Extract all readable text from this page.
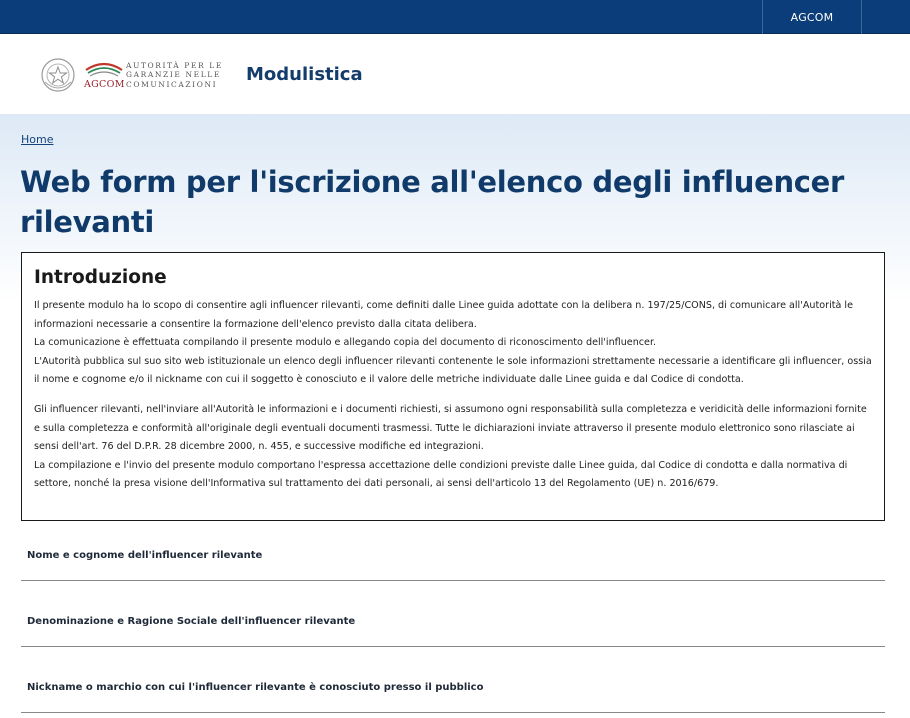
AGCOM
AGCOM
AUTORITÀ PER LE
GARANZIE NELLE
COMUNICAZIONI	Modulistica
Home
Web form per l'iscrizione all'elenco degli influencer rilevanti
Introduzione

Il presente modulo ha lo scopo di consentire agli influencer rilevanti, come definiti dalle Linee guida adottate con la delibera n. 197/25/CONS, di comunicare all'Autorità le informazioni necessarie a consentire la formazione dell'elenco previsto dalla citata delibera.

La comunicazione è effettuata compilando il presente modulo e allegando copia del documento di riconoscimento dell'influencer.

L'Autorità pubblica sul suo sito web istituzionale un elenco degli influencer rilevanti contenente le sole informazioni strettamente necessarie a identificare gli influencer, ossia il nome e cognome e/o il nickname con cui il soggetto è conosciuto e il valore delle metriche individuate dalle Linee guida e dal Codice di condotta.

Gli influencer rilevanti, nell'inviare all'Autorità le informazioni e i documenti richiesti, si assumono ogni responsabilità sulla completezza e veridicità delle informazioni fornite e sulla completezza e conformità all'originale degli eventuali documenti trasmessi. Tutte le dichiarazioni inviate attraverso il presente modulo elettronico sono rilasciate ai sensi dell'art. 76 del D.P.R. 28 dicembre 2000, n. 455, e successive modifiche ed integrazioni.

La compilazione e l'invio del presente modulo comportano l'espressa accettazione delle condizioni previste dalle Linee guida, dal Codice di condotta e dalla normativa di settore, nonché la presa visione dell'Informativa sul trattamento dei dati personali, ai sensi dell'articolo 13 del Regolamento (UE) n. 2016/679.

Nome e cognome dell'influencer rilevante
Denominazione e Ragione Sociale dell'influencer rilevante
Nickname o marchio con cui l'influencer rilevante è conosciuto presso il pubblico
